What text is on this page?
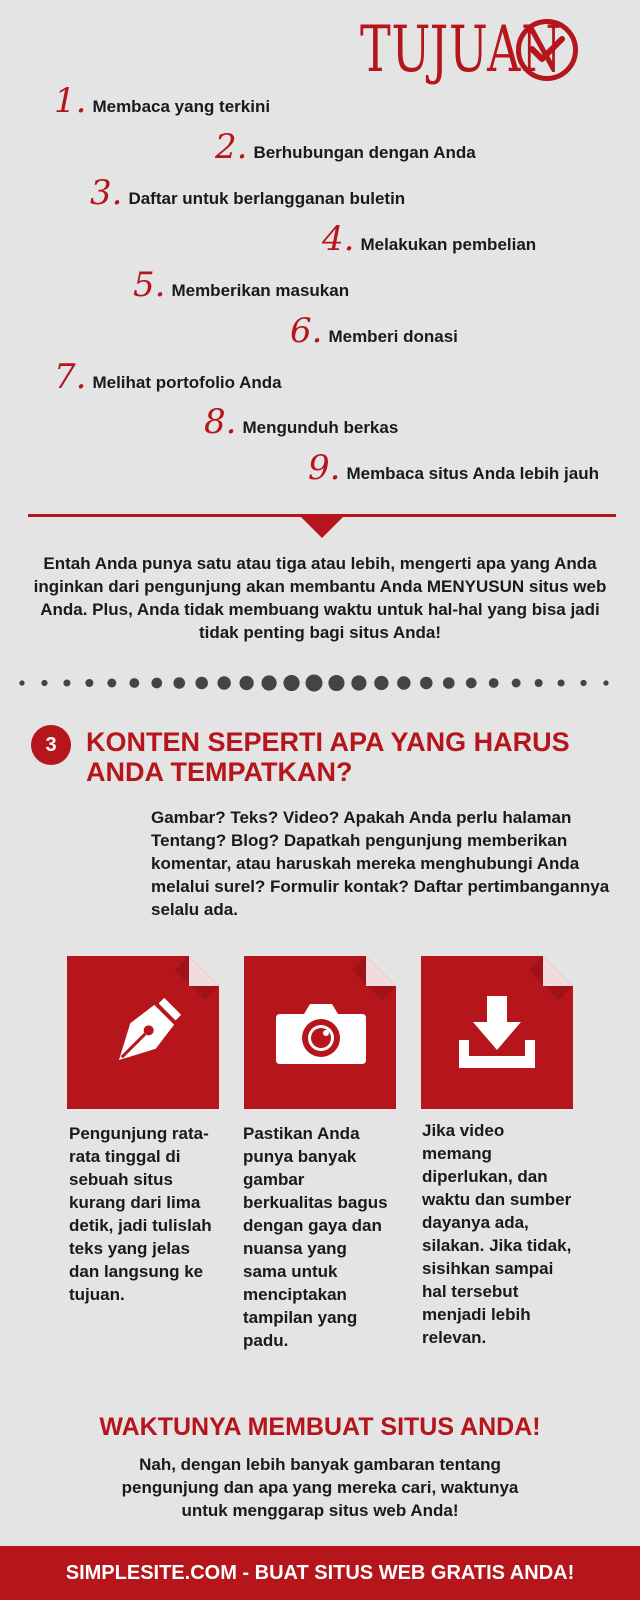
TUJUAN
1. Membaca yang terkini
2. Berhubungan dengan Anda
3. Daftar untuk berlangganan buletin
4. Melakukan pembelian
5. Memberikan masukan
6. Memberi donasi
7. Melihat portofolio Anda
8. Mengunduh berkas
9. Membaca situs Anda lebih jauh
Entah Anda punya satu atau tiga atau lebih, mengerti apa yang Anda inginkan dari pengunjung akan membantu Anda MENYUSUN situs web Anda. Plus, Anda tidak membuang waktu untuk hal-hal yang bisa jadi tidak penting bagi situs Anda!
3	KONTEN SEPERTI APA YANG HARUS ANDA TEMPATKAN?
Gambar? Teks? Video? Apakah Anda perlu halaman Tentang? Blog? Dapatkah pengunjung memberikan komentar, atau haruskah mereka menghubungi Anda melalui surel? Formulir kontak? Daftar pertimbangannya selalu ada.
Pengunjung rata-rata tinggal di sebuah situs kurang dari lima detik, jadi tulislah teks yang jelas dan langsung ke tujuan.
Pastikan Anda punya banyak gambar berkualitas bagus dengan gaya dan nuansa yang sama untuk menciptakan tampilan yang padu.
Jika video memang diperlukan, dan waktu dan sumber dayanya ada, silakan. Jika tidak, sisihkan sampai hal tersebut menjadi lebih relevan.
WAKTUNYA MEMBUAT SITUS ANDA!
Nah, dengan lebih banyak gambaran tentang pengunjung dan apa yang mereka cari, waktunya untuk menggarap situs web Anda!
SIMPLESITE.COM - BUAT SITUS WEB GRATIS ANDA!
